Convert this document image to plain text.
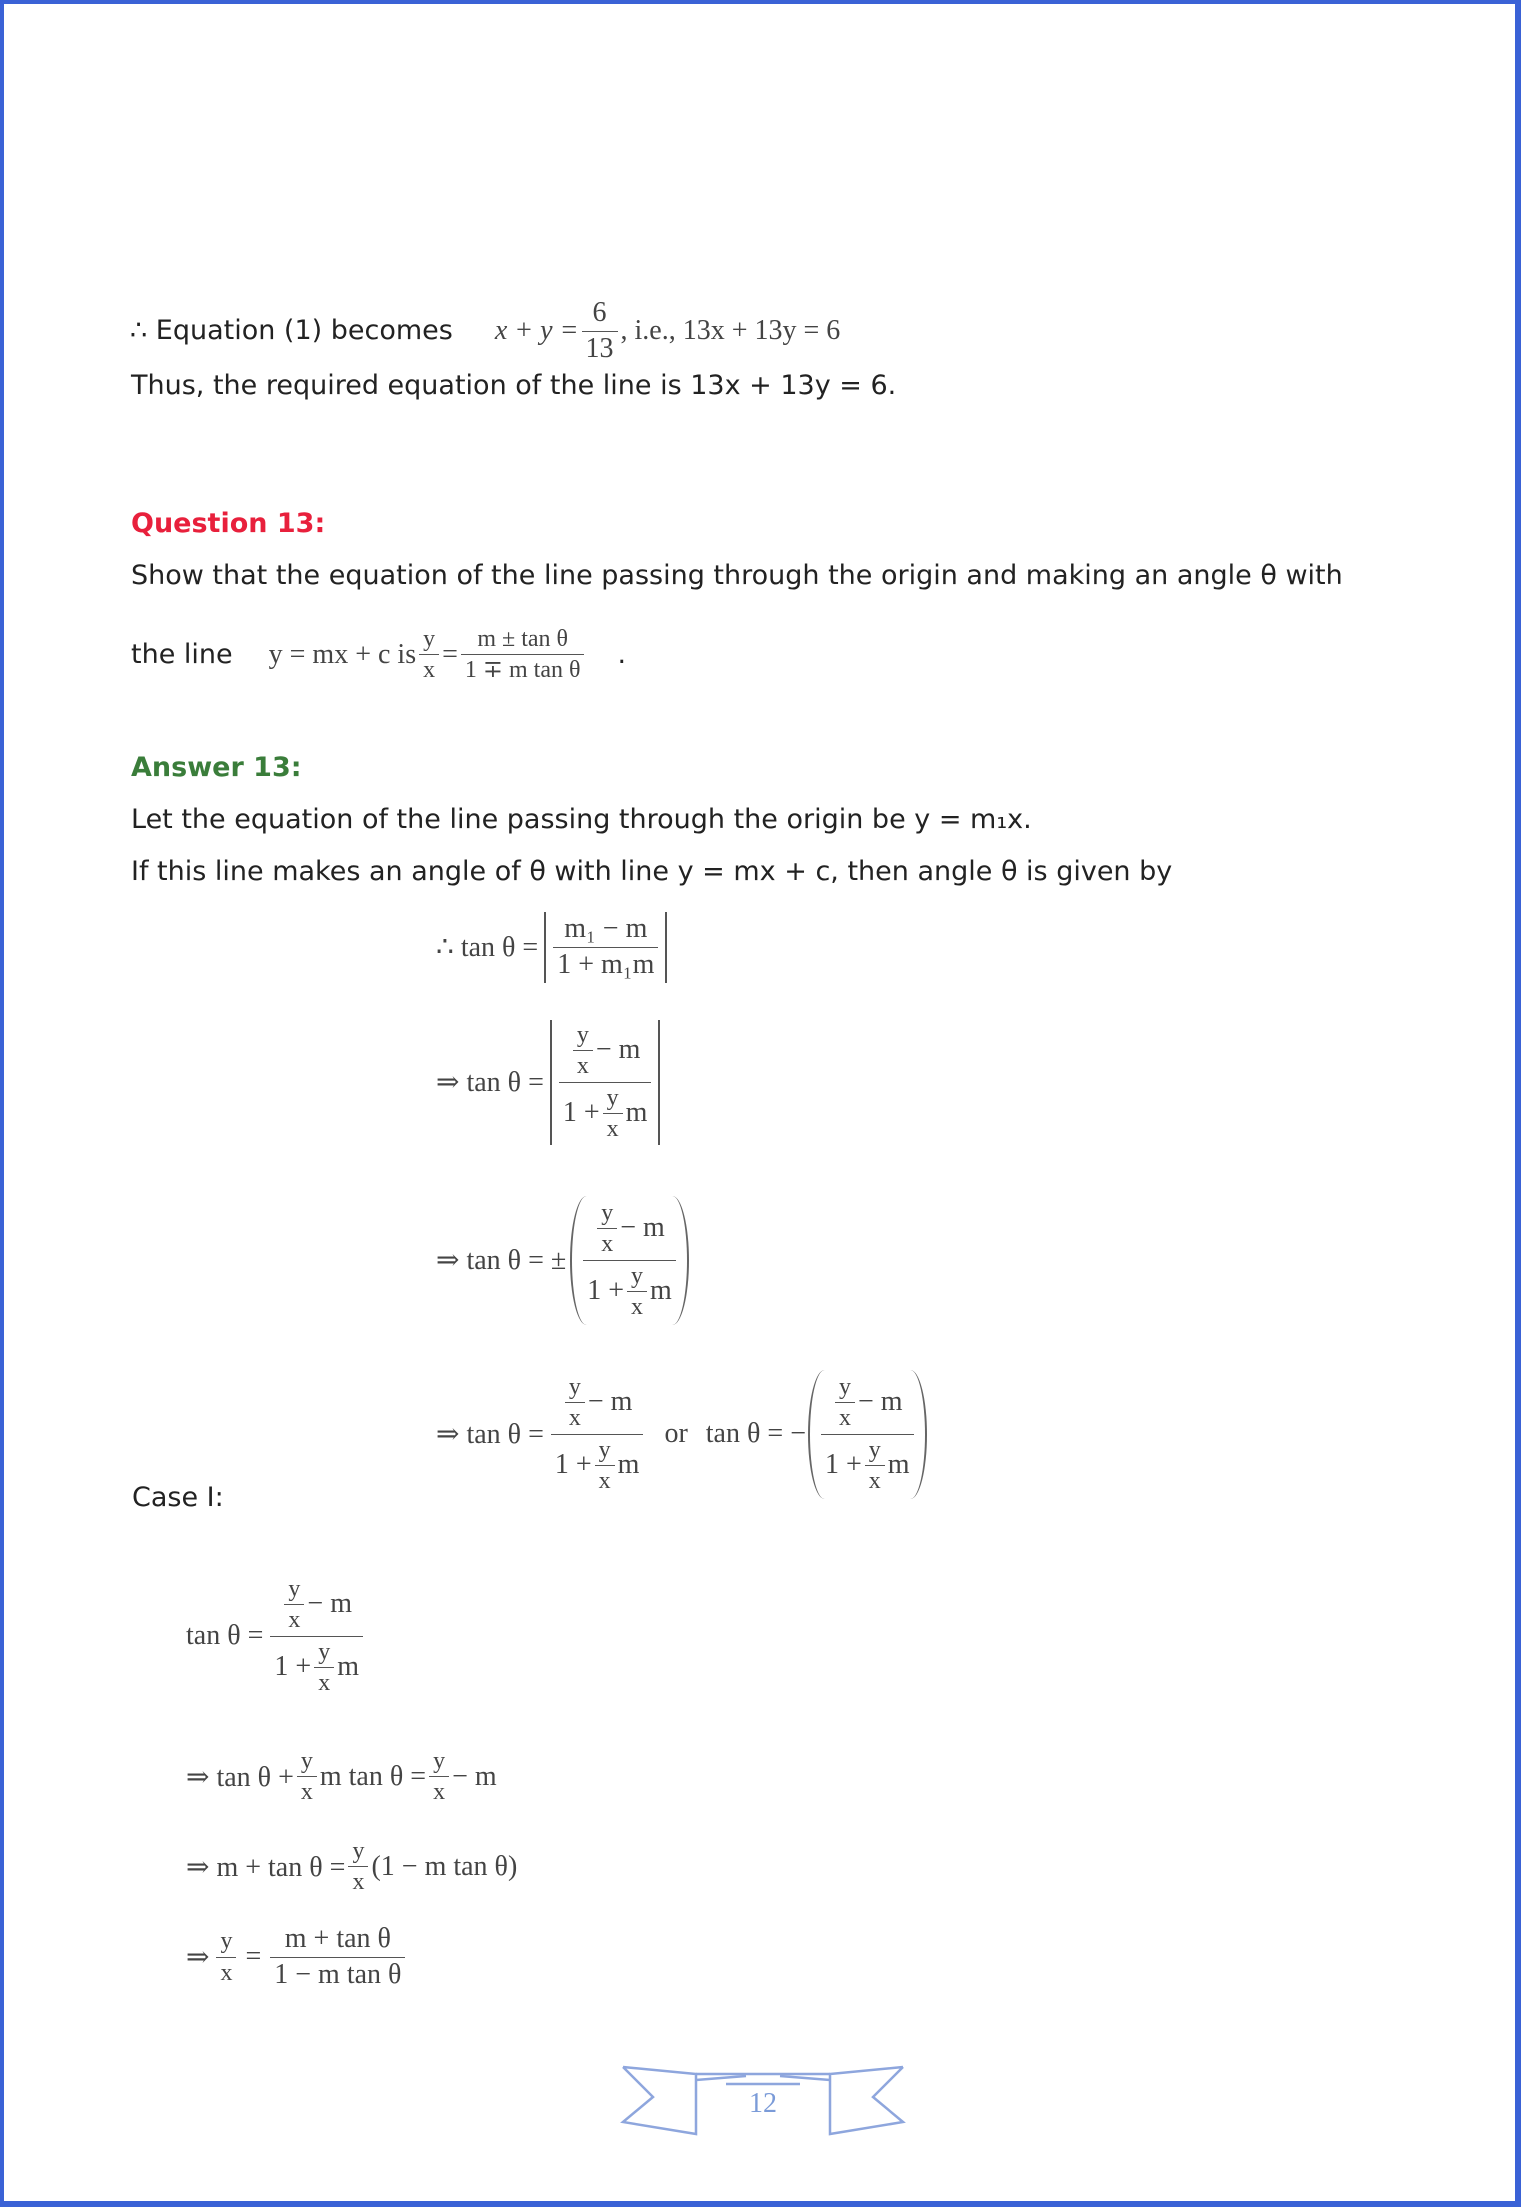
∴ Equation (1) becomes $x + y = \frac{6}{13}$ , i.e., 13x + 13y = 6
Thus, the required equation of the line is 13x + 13y = 6.
Question 13:
Show that the equation of the line passing through the origin and making an angle θ with
the line y = mx + c is $\frac{y}{x} = \frac{\text{m ± tan θ}}{\text{1 ∓ m tan θ}}$ .
Answer 13:
Let the equation of the line passing through the origin be y = m₁x.
If this line makes an angle of θ with line y = mx + c, then angle θ is given by
∴ $\tan \theta = \frac{\text{m₁ − m}}{\text{1 + m₁m}}$
⇒ $\tan \theta = \frac{\frac{y}{x} - m}{1 + \frac{y}{x} m}$
⇒ tan θ = ± $\frac{\frac{y}{x} - m}{1 + \frac{y}{x} m}$
⇒ $\tan \theta = \frac{\frac{y}{x} - m}{1 + \frac{y}{x} m}$ or tan θ = − $\frac{\frac{y}{x} - m}{1 + \frac{y}{x} m}$
Case I:
$\tan \theta = \frac{\frac{y}{x} - m}{1 + \frac{y}{x} m}$
⇒ $\tan \theta + \frac{y}{x}$ m $\tan \theta = \frac{y}{x} - m$
⇒ $m + \tan \theta = \frac{y}{x} (1 - m$ tan θ)
⇒ $\frac{y}{x} = \frac{\text{m + tan θ}}{\text{1 − m tan θ}}$
12
